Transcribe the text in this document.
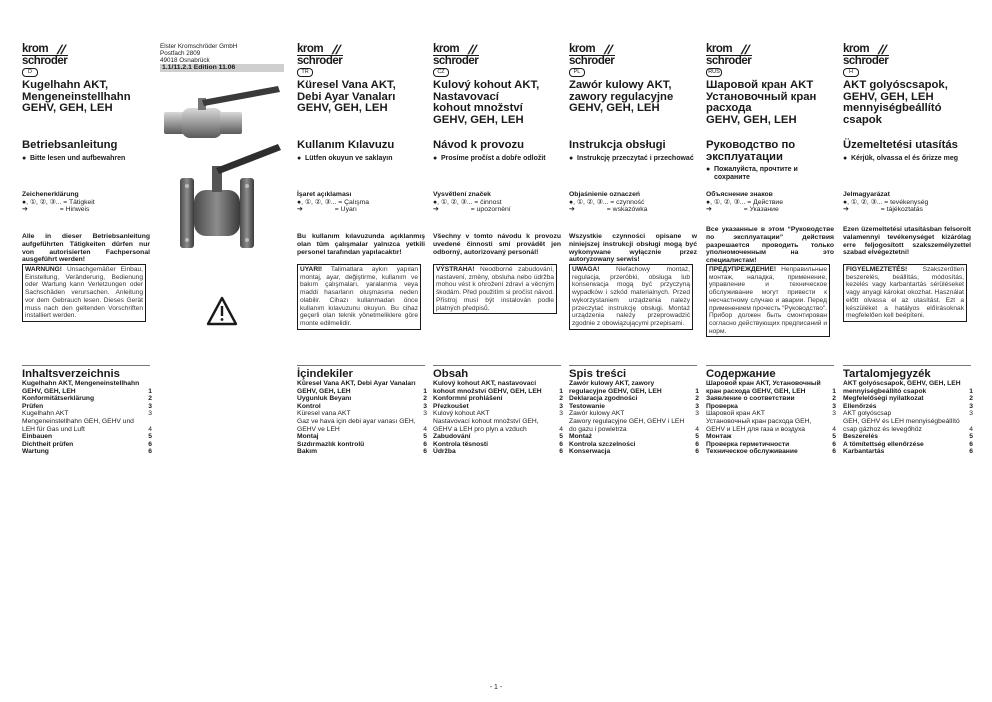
krom //
schroder
D
Kugelhahn AKT,
Mengeneinstellhahn
GEHV, GEH, LEH
Betriebsanleitung
● Bitte lesen und aufbewahren
Zeichenerklärung
●, ①, ②, ③... = Tätigkeit
➔                 = Hinweis
Alle in dieser Betriebsanleitung aufgeführten Tätigkeiten dürfen nur von autorisierten Fachpersonal ausgeführt werden!
WARNUNG! Unsachgemäßer Einbau, Einstellung, Veränderung, Bedienung oder Wartung kann Verletzungen oder Sachschäden verursachen. Anleitung vor dem Gebrauch lesen. Dieses Gerät muss nach den geltenden Vorschriften installiert werden.
Inhaltsverzeichnis
Kugelhahn AKT, Mengeneinstellhahn GEHV, GEH, LEH	1
Konformitätserklärung	2
Prüfen	3
Kugelhahn AKT	3
Mengeneinstellhahn GEH, GEHV und LEH für Gas und Luft	4
Einbauen	5
Dichtheit prüfen	6
Wartung	6
Elster Kromschröder GmbH
Postfach 2809
49018 Osnabrück
1.1/11.2.1 Edition 11.06
krom //
schroder
TR
Küresel Vana AKT,
Debi Ayar Vanaları
GEHV, GEH, LEH
Kullanım Kılavuzu
● Lütfen okuyun ve saklayın
İşaret açıklaması
●, ①, ②, ③... = Çalışma
➔                 = Uyarı
Bu kullanım kılavuzunda açıklanmış olan tüm çalışmalar yalnızca yetkili personel tarafından yapılacaktır!
UYARI! Talimatlara aykırı yapılan montaj, ayar, değiştirme, kullanım ve bakım çalışmaları, yaralanma veya maddi hasarların oluşmasına neden olabilir. Cihazı kullanmadan önce kullanım kılavuzunu okuyun. Bu cihaz geçerli olan teknik yönetmeliklere göre monte edilmelidir.
İçindekiler
Küresel Vana AKT, Debi Ayar Vanaları GEHV, GEH, LEH	1
Uygunluk Beyanı	2
Kontrol	3
Küresel vana AKT	3
Gaz ve hava için debi ayar vanası GEH, GEHV ve LEH	4
Montaj	5
Sızdırmazlık kontrolü	6
Bakım	6
krom //
schroder
CZ
Kulový kohout AKT,
Nastavovací
kohout množství
GEHV, GEH, LEH
Návod k provozu
● Prosíme pročíst a dobře odložit
Vysvětlení značek
●, ①, ②, ③... = činnost
➔                 = upozornění
Všechny v tomto návodu k provozu uvedené činnosti smí provádět jen odborný, autorizovaný personál!
VÝSTRAHA! Neodborné zabudování, nastavení, změny, obsluha nebo údržba mohou vést k ohrožení zdraví a věcným škodám. Před použitím si pročíst návod. Přístroj musí být instalován podle platných předpisů.
Obsah
Kulový kohout AKT, nastavovací kohout množství GEHV, GEH, LEH	1
Konformní prohlášení	2
Přezkoušet	3
Kulový kohout AKT	3
Nastavovací kohout množství GEH, GEHV a LEH pro plyn a vzduch	4
Zabudování	5
Kontrola těsnosti	6
Údržba	6
krom //
schroder
PL
Zawór kulowy AKT,
zawory regulacyjne
GEHV, GEH, LEH
Instrukcja obsługi
● Instrukcję przeczytać i przechować
Objaśnienie oznaczeń
●, ①, ②, ③... = czynność
➔                 = wskazówka
Wszystkie czynności opisane w niniejszej instrukcji obsługi mogą być wykonywane wyłącznie przez autoryzowany serwis!
UWAGA! Niefachowy montaż, regulacja, przeróbki, obsługa lub konserwacja mogą być przyczyną wypadków i szkód materialnych. Przed wykorzystaniem urządzenia należy przeczytać instrukcję obsługi. Montaż urządzenia należy przeprowadzić zgodnie z obowiązującymi przepisami.
Spis treści
Zawór kulowy AKT, zawory regulacyjne GEHV, GEH, LEH	1
Deklaracja zgodności	2
Testowanie	3
Zawór kulowy AKT	3
Zawory regulacyjne GEH, GEHV i LEH do gazu i powietrza	4
Montaż	5
Kontrola szczelności	6
Konserwacja	6
krom //
schroder
RUS
Шаровой кран AKT
Установочный кран
расхода
GEHV, GEH, LEH
Руководство по эксплуатации
● Пожалуйста, прочтите и сохраните
Объяснение знаков
●, ①, ②, ③... = Действие
➔                 = Указание
Все указанные в этом “Руководстве по эксплуатации” действия разрешается проводить только уполномоченным на это специалистам!
ПРЕДУПРЕЖДЕНИЕ! Неправильные монтаж, наладка, применение, управление и техническое обслуживание могут привести к несчастному случаю и аварии. Перед применением прочесть “Руководство”. Прибор должен быть смонтирован согласно действующих предписаний и норм.
Содержание
Шаровой кран AKT, Установочный кран расхода GEHV, GEH, LEH	1
Заявление о соответствии	2
Проверка	3
Шаровой кран AKT	3
Установочный кран расхода GEH, GEHV и LEH для газа и воздуха	4
Монтаж	5
Проверка герметичности	6
Техническое обслуживание	6
krom //
schroder
H
AKT golyóscsapok,
GEHV, GEH, LEH
mennyiségbeállító
csapok
Üzemeltetési utasítás
● Kérjük, olvassa el és őrizze meg
Jelmagyarázat
●, ①, ②, ③... = tevékenység
➔                 = tájékoztatás
Ezen üzemeltetési utasításban felsorolt valamennyi tevékenységet kizárólag erre feljogosított szakszemélyzettel szabad elvégeztetni!
FIGYELMEZTETÉS! Szakszerűtlen beszerelés, beállítás, módosítás, kezelés vagy karbantartás sérüléseket vagy anyagi károkat okozhat. Használat előtt olvassa el az utasítást. Ezt a készüléket a hatályos előírásoknak megfelelően kell beépíteni.
Tartalomjegyzék
AKT golyóscsapok, GEHV, GEH, LEH mennyiségbeállító csapok	1
Megfelelőségi nyilatkozat	2
Ellenőrzés	3
AKT golyóscsap	3
GEH, GEHV és LEH mennyiségbeállító csap gázhoz és levegőhöz	4
Beszerelés	5
A tömítettség ellenőrzése	6
Karbantartás	6
- 1 -
